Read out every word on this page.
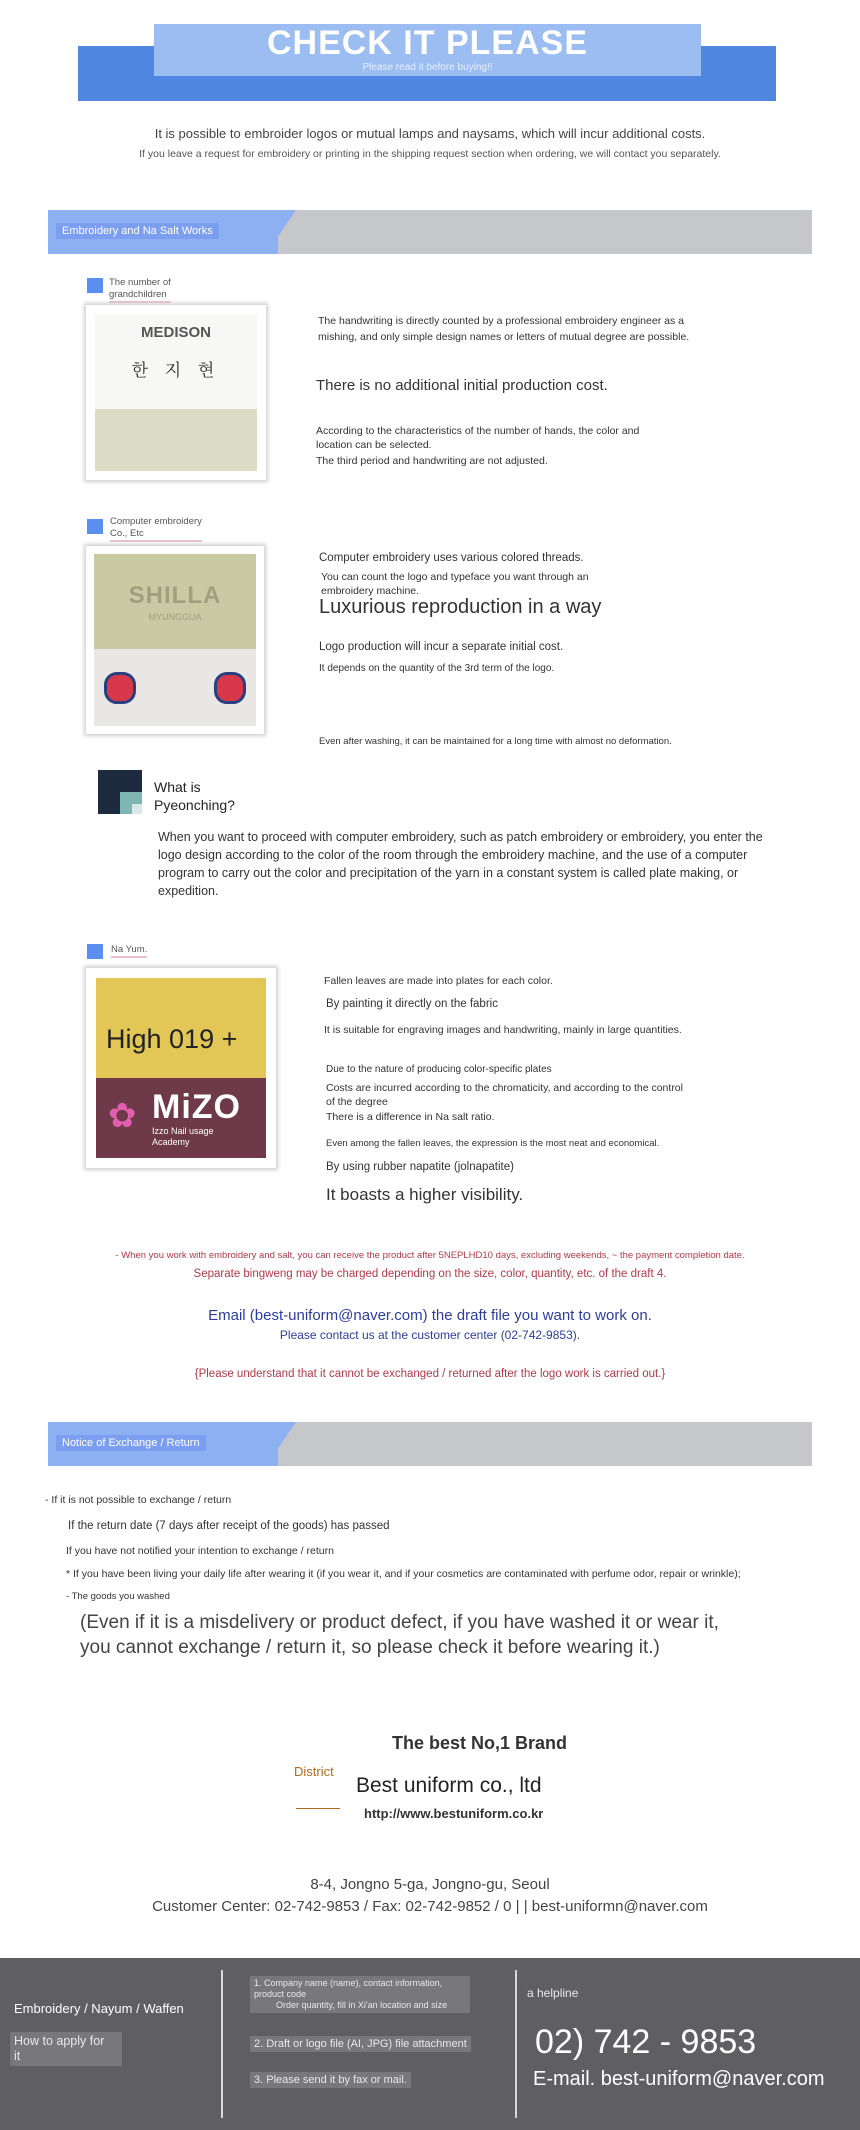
CHECK IT PLEASE
Please read it before buying!!
It is possible to embroider logos or mutual lamps and naysams, which will incur additional costs.
If you leave a request for embroidery or printing in the shipping request section when ordering, we will contact you separately.
Embroidery and Na Salt Works
The number of
grandchildren
MEDISON
한 지 현
The handwriting is directly counted by a professional embroidery engineer as a mishing, and only simple design names or letters of mutual degree are possible.
There is no additional initial production cost.
According to the characteristics of the number of hands, the color and location can be selected.
The third period and handwriting are not adjusted.
Computer embroidery
Co., Etc
SHILLA
MYUNGGUA
Computer embroidery uses various colored threads.
You can count the logo and typeface you want through an embroidery machine.
Luxurious reproduction in a way
Logo production will incur a separate initial cost.
It depends on the quantity of the 3rd term of the logo.
Even after washing, it can be maintained for a long time with almost no deformation.
What is
Pyeonching?
When you want to proceed with computer embroidery, such as patch embroidery or embroidery, you enter the logo design according to the color of the room through the embroidery machine, and the use of a computer program to carry out the color and precipitation of the yarn in a constant system is called plate making, or expedition.
Na Yum.
High 019 +
✿ MiZO
Izzo Nail usage
Academy
Fallen leaves are made into plates for each color.
By painting it directly on the fabric
It is suitable for engraving images and handwriting, mainly in large quantities.
Due to the nature of producing color-specific plates
Costs are incurred according to the chromaticity, and according to the control of the degree
There is a difference in Na salt ratio.
Even among the fallen leaves, the expression is the most neat and economical.
By using rubber napatite (jolnapatite)
It boasts a higher visibility.
- When you work with embroidery and salt, you can receive the product after 5NEPLHD10 days, excluding weekends, ~ the payment completion date.
Separate bingweng may be charged depending on the size, color, quantity, etc. of the draft 4.
Email (best-uniform@naver.com) the draft file you want to work on.
Please contact us at the customer center (02-742-9853).
{Please understand that it cannot be exchanged / returned after the logo work is carried out.}
Notice of Exchange / Return
- If it is not possible to exchange / return
If the return date (7 days after receipt of the goods) has passed
If you have not notified your intention to exchange / return
* If you have been living your daily life after wearing it (if you wear it, and if your cosmetics are contaminated with perfume odor, repair or wrinkle);
- The goods you washed
(Even if it is a misdelivery or product defect, if you have washed it or wear it,
you cannot exchange / return it, so please check it before wearing it.)
The best No,1 Brand
District
Best uniform co., ltd
http://www.bestuniform.co.kr
8-4, Jongno 5-ga, Jongno-gu, Seoul
Customer Center: 02-742-9853 / Fax: 02-742-9852 / 0 | | best-uniformn@naver.com
Embroidery / Nayum / Waffen
How to apply for
it
1. Company name (name), contact information,
product code
Order quantity, fill in Xi'an location and size
2. Draft or logo file (AI, JPG) file attachment
3. Please send it by fax or mail.
a helpline
02) 742 - 9853
E-mail. best-uniform@naver.com
